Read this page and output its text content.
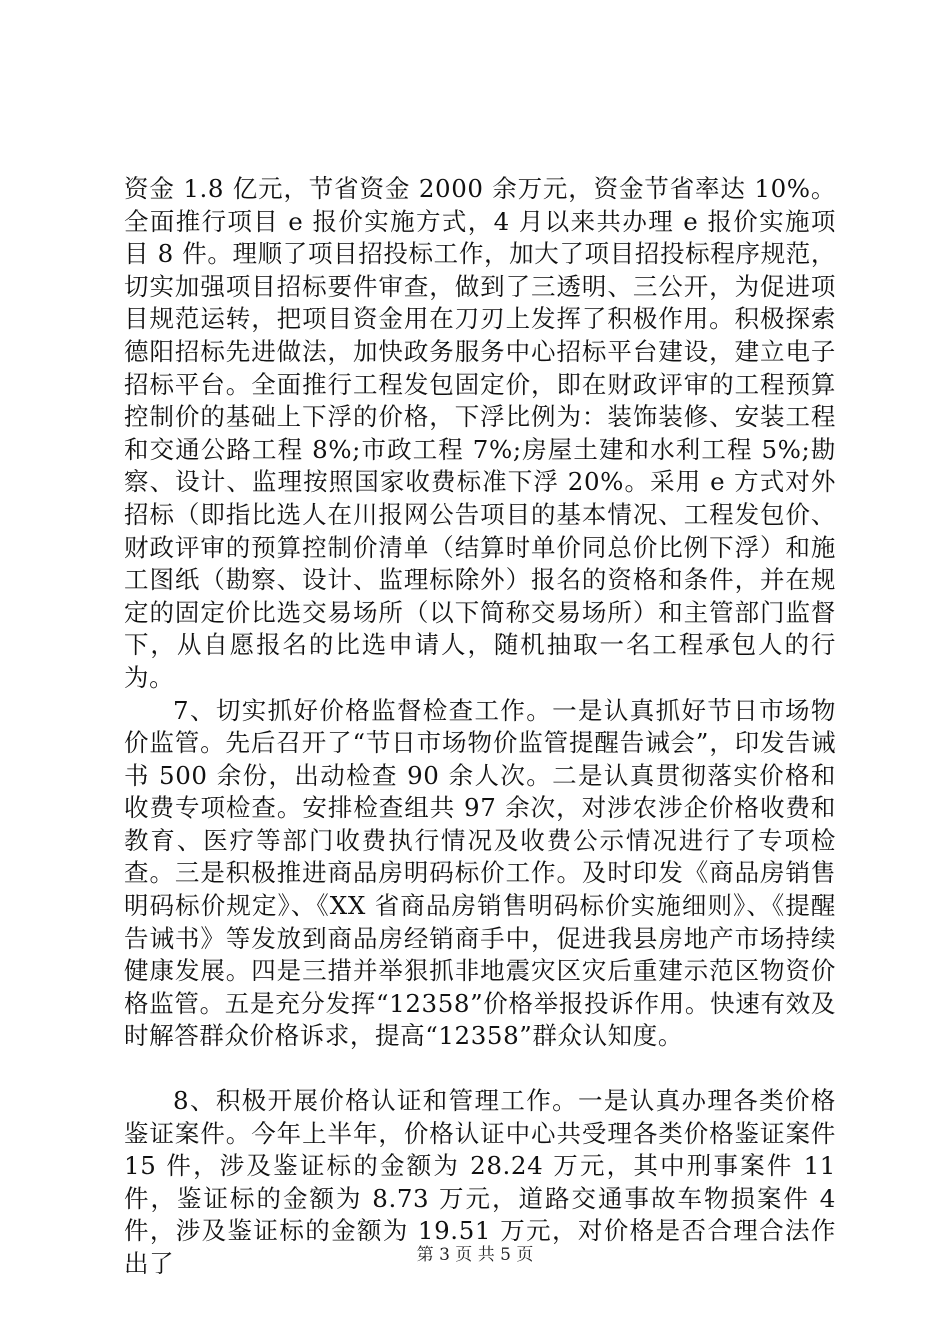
资金 1.8 亿元，节省资金 2000 余万元，资金节省率达 10%。全面推行项目 e 报价实施方式，4 月以来共办理 e 报价实施项目 8 件。理顺了项目招投标工作，加大了项目招投标程序规范，切实加强项目招标要件审查，做到了三透明、三公开，为促进项目规范运转，把项目资金用在刀刃上发挥了积极作用。积极探索德阳招标先进做法，加快政务服务中心招标平台建设，建立电子招标平台。全面推行工程发包固定价，即在财政评审的工程预算控制价的基础上下浮的价格，下浮比例为：装饰装修、安装工程和交通公路工程 8%;市政工程 7%;房屋土建和水利工程 5%;勘察、设计、监理按照国家收费标准下浮 20%。采用 e 方式对外招标（即指比选人在川报网公告项目的基本情况、工程发包价、财政评审的预算控制价清单（结算时单价同总价比例下浮）和施工图纸（勘察、设计、监理标除外）报名的资格和条件，并在规定的固定价比选交易场所（以下简称交易场所）和主管部门监督下，从自愿报名的比选申请人，随机抽取一名工程承包人的行为。

7、切实抓好价格监督检查工作。一是认真抓好节日市场物价监管。先后召开了“节日市场物价监管提醒告诫会”，印发告诫书 500 余份，出动检查 90 余人次。二是认真贯彻落实价格和收费专项检查。安排检查组共 97 余次，对涉农涉企价格收费和教育、医疗等部门收费执行情况及收费公示情况进行了专项检查。三是积极推进商品房明码标价工作。及时印发《商品房销售明码标价规定》、《XX 省商品房销售明码标价实施细则》、《提醒告诫书》等发放到商品房经销商手中，促进我县房地产市场持续健康发展。四是三措并举狠抓非地震灾区灾后重建示范区物资价格监管。五是充分发挥“12358”价格举报投诉作用。快速有效及时解答群众价格诉求，提高“12358”群众认知度。

8、积极开展价格认证和管理工作。一是认真办理各类价格鉴证案件。今年上半年，价格认证中心共受理各类价格鉴证案件 15 件，涉及鉴证标的金额为 28.24 万元，其中刑事案件 11 件，鉴证标的金额为 8.73 万元，道路交通事故车物损案件 4 件，涉及鉴证标的金额为 19.51 万元，对价格是否合理合法作出了	第 3 页 共 5 页
